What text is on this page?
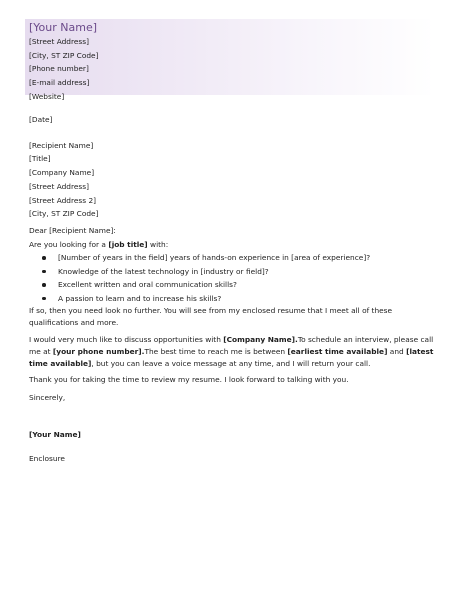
[Your Name]
[Street Address]
[City, ST ZIP Code]
[Phone number]
[E-mail address]
[Website]
[Date]
[Recipient Name]
[Title]
[Company Name]
[Street Address]
[Street Address 2]
[City, ST ZIP Code]
Dear [Recipient Name]:
Are you looking for a [job title] with:
[Number of years in the field] years of hands-on experience in [area of experience]?
Knowledge of the latest technology in [industry or field]?
Excellent written and oral communication skills?
A passion to learn and to increase his skills?

If so, then you need look no further. You will see from my enclosed resume that I meet all of these qualifications and more.

I would very much like to discuss opportunities with [Company Name].To schedule an interview, please call me at [your phone number].The best time to reach me is between [earliest time available] and [latest time available], but you can leave a voice message at any time, and I will return your call.

Thank you for taking the time to review my resume. I look forward to talking with you.

Sincerely,
[Your Name]
Enclosure
